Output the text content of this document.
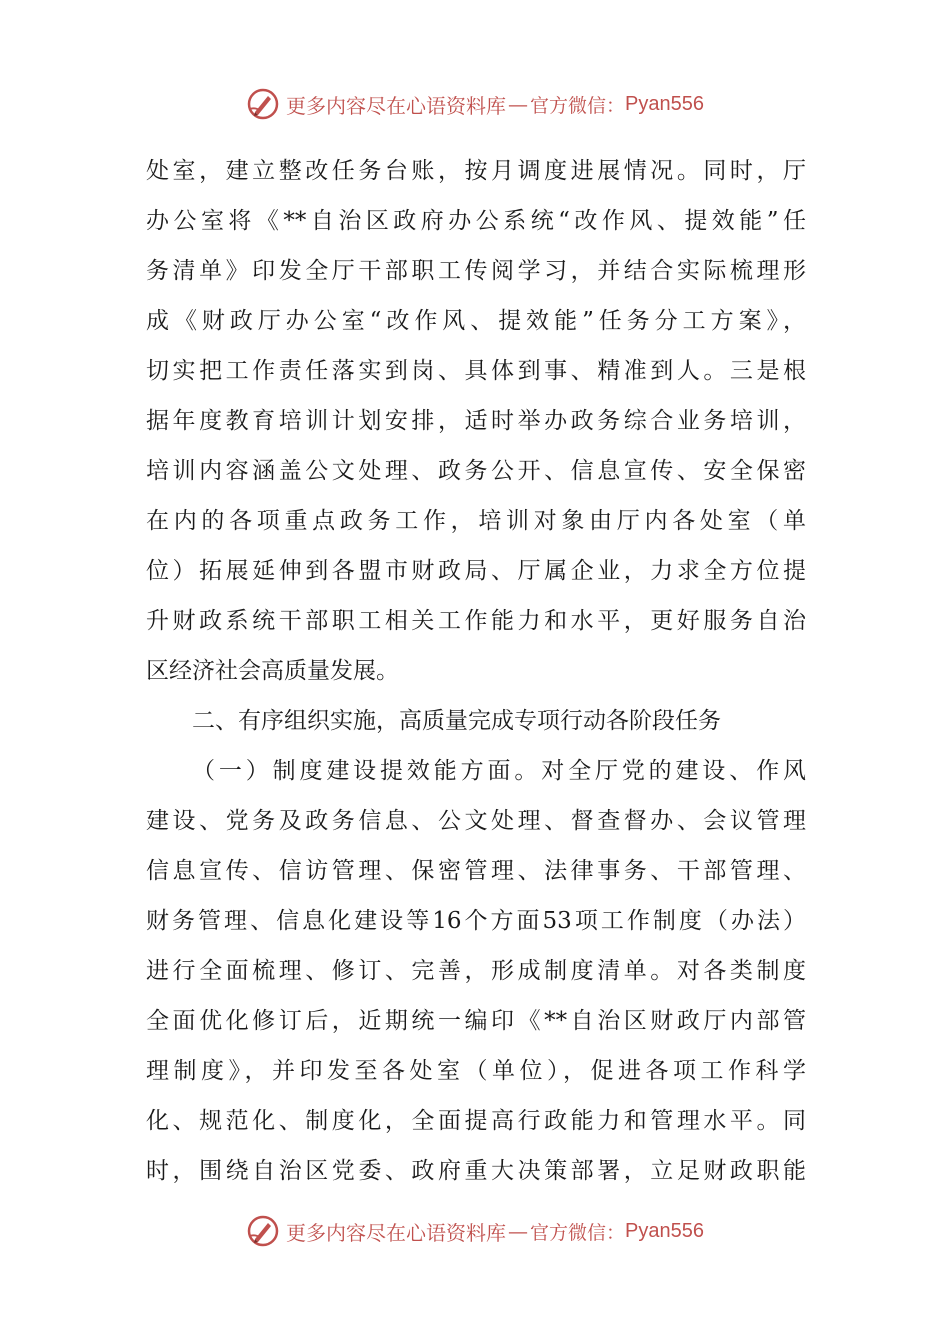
更多内容尽在心语资料库 — 官方微信： Pyan556
处室，建立整改任务台账，按月调度进展情况。同时，厅
办公室将《**自治区政府办公系统“改作风、提效能”任
务清单》印发全厅干部职工传阅学习，并结合实际梳理形
成《财政厅办公室“改作风、提效能”任务分工方案》，
切实把工作责任落实到岗、具体到事、精准到人。三是根
据年度教育培训计划安排，适时举办政务综合业务培训，
培训内容涵盖公文处理、政务公开、信息宣传、安全保密
在内的各项重点政务工作，培训对象由厅内各处室（单
位）拓展延伸到各盟市财政局、厅属企业，力求全方位提
升财政系统干部职工相关工作能力和水平，更好服务自治
区经济社会高质量发展。
二、有序组织实施，高质量完成专项行动各阶段任务
（一）制度建设提效能方面。对全厅党的建设、作风
建设、党务及政务信息、公文处理、督查督办、会议管理
信息宣传、信访管理、保密管理、法律事务、干部管理、
财务管理、信息化建设等16个方面53项工作制度（办法）
进行全面梳理、修订、完善，形成制度清单。对各类制度
全面优化修订后，近期统一编印《**自治区财政厅内部管
理制度》，并印发至各处室（单位），促进各项工作科学
化、规范化、制度化，全面提高行政能力和管理水平。同
时，围绕自治区党委、政府重大决策部署，立足财政职能
更多内容尽在心语资料库 — 官方微信： Pyan556
